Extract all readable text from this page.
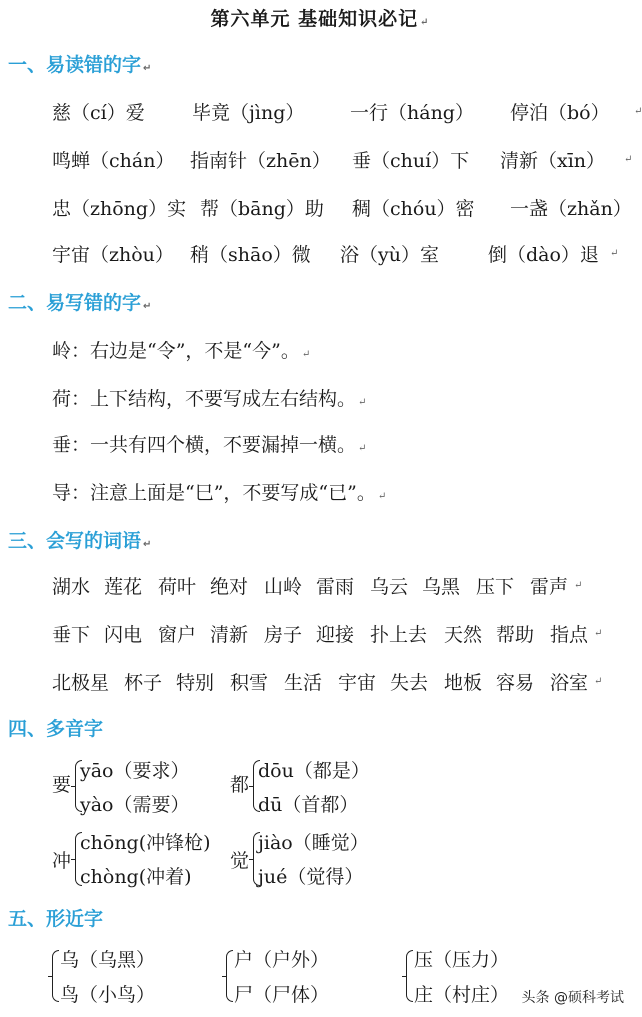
第六单元 基础知识必记 ↵
一、易读错的字 ↵
慈（cí）爱 毕竟（jìng） 一行（háng） 停泊（bó） ↵
鸣蝉（chán） 指南针（zhēn） 垂（chuí）下 清新（xīn） ↵
忠（zhōng）实 帮（bāng）助 稠（chóu）密 一盏（zhǎn）
宇宙（zhòu） 稍（shāo）微 浴（yù）室	倒（dào）退 ↵
二、易写错的字 ↵
岭：右边是“令”，不是“今”。 ↵
荷：上下结构，不要写成左右结构。 ↵
垂：一共有四个横，不要漏掉一横。 ↵
导：注意上面是“巳”，不要写成“已”。 ↵
三、会写的词语 ↵
湖水 莲花 荷叶 绝对 山岭 雷雨 乌云 乌黑 压下 雷声 ↵
垂下 闪电 窗户 清新 房子 迎接 扑上去 天然 帮助 指点 ↵
北极星 杯子 特别 积雪 生活 宇宙 失去 地板 容易 浴室 ↵
四、多音字
要
yāo（要求）
yào（需要）
都
dōu（都是）
dū（首都）
冲
chōng(冲锋枪)
chòng(冲着)
觉
jiào（睡觉）
jué（觉得）
五、形近字
乌（乌黑）
鸟（小鸟）
户（户外）
尸（尸体）
压（压力）
庄（村庄） 头条 @硕科考试
